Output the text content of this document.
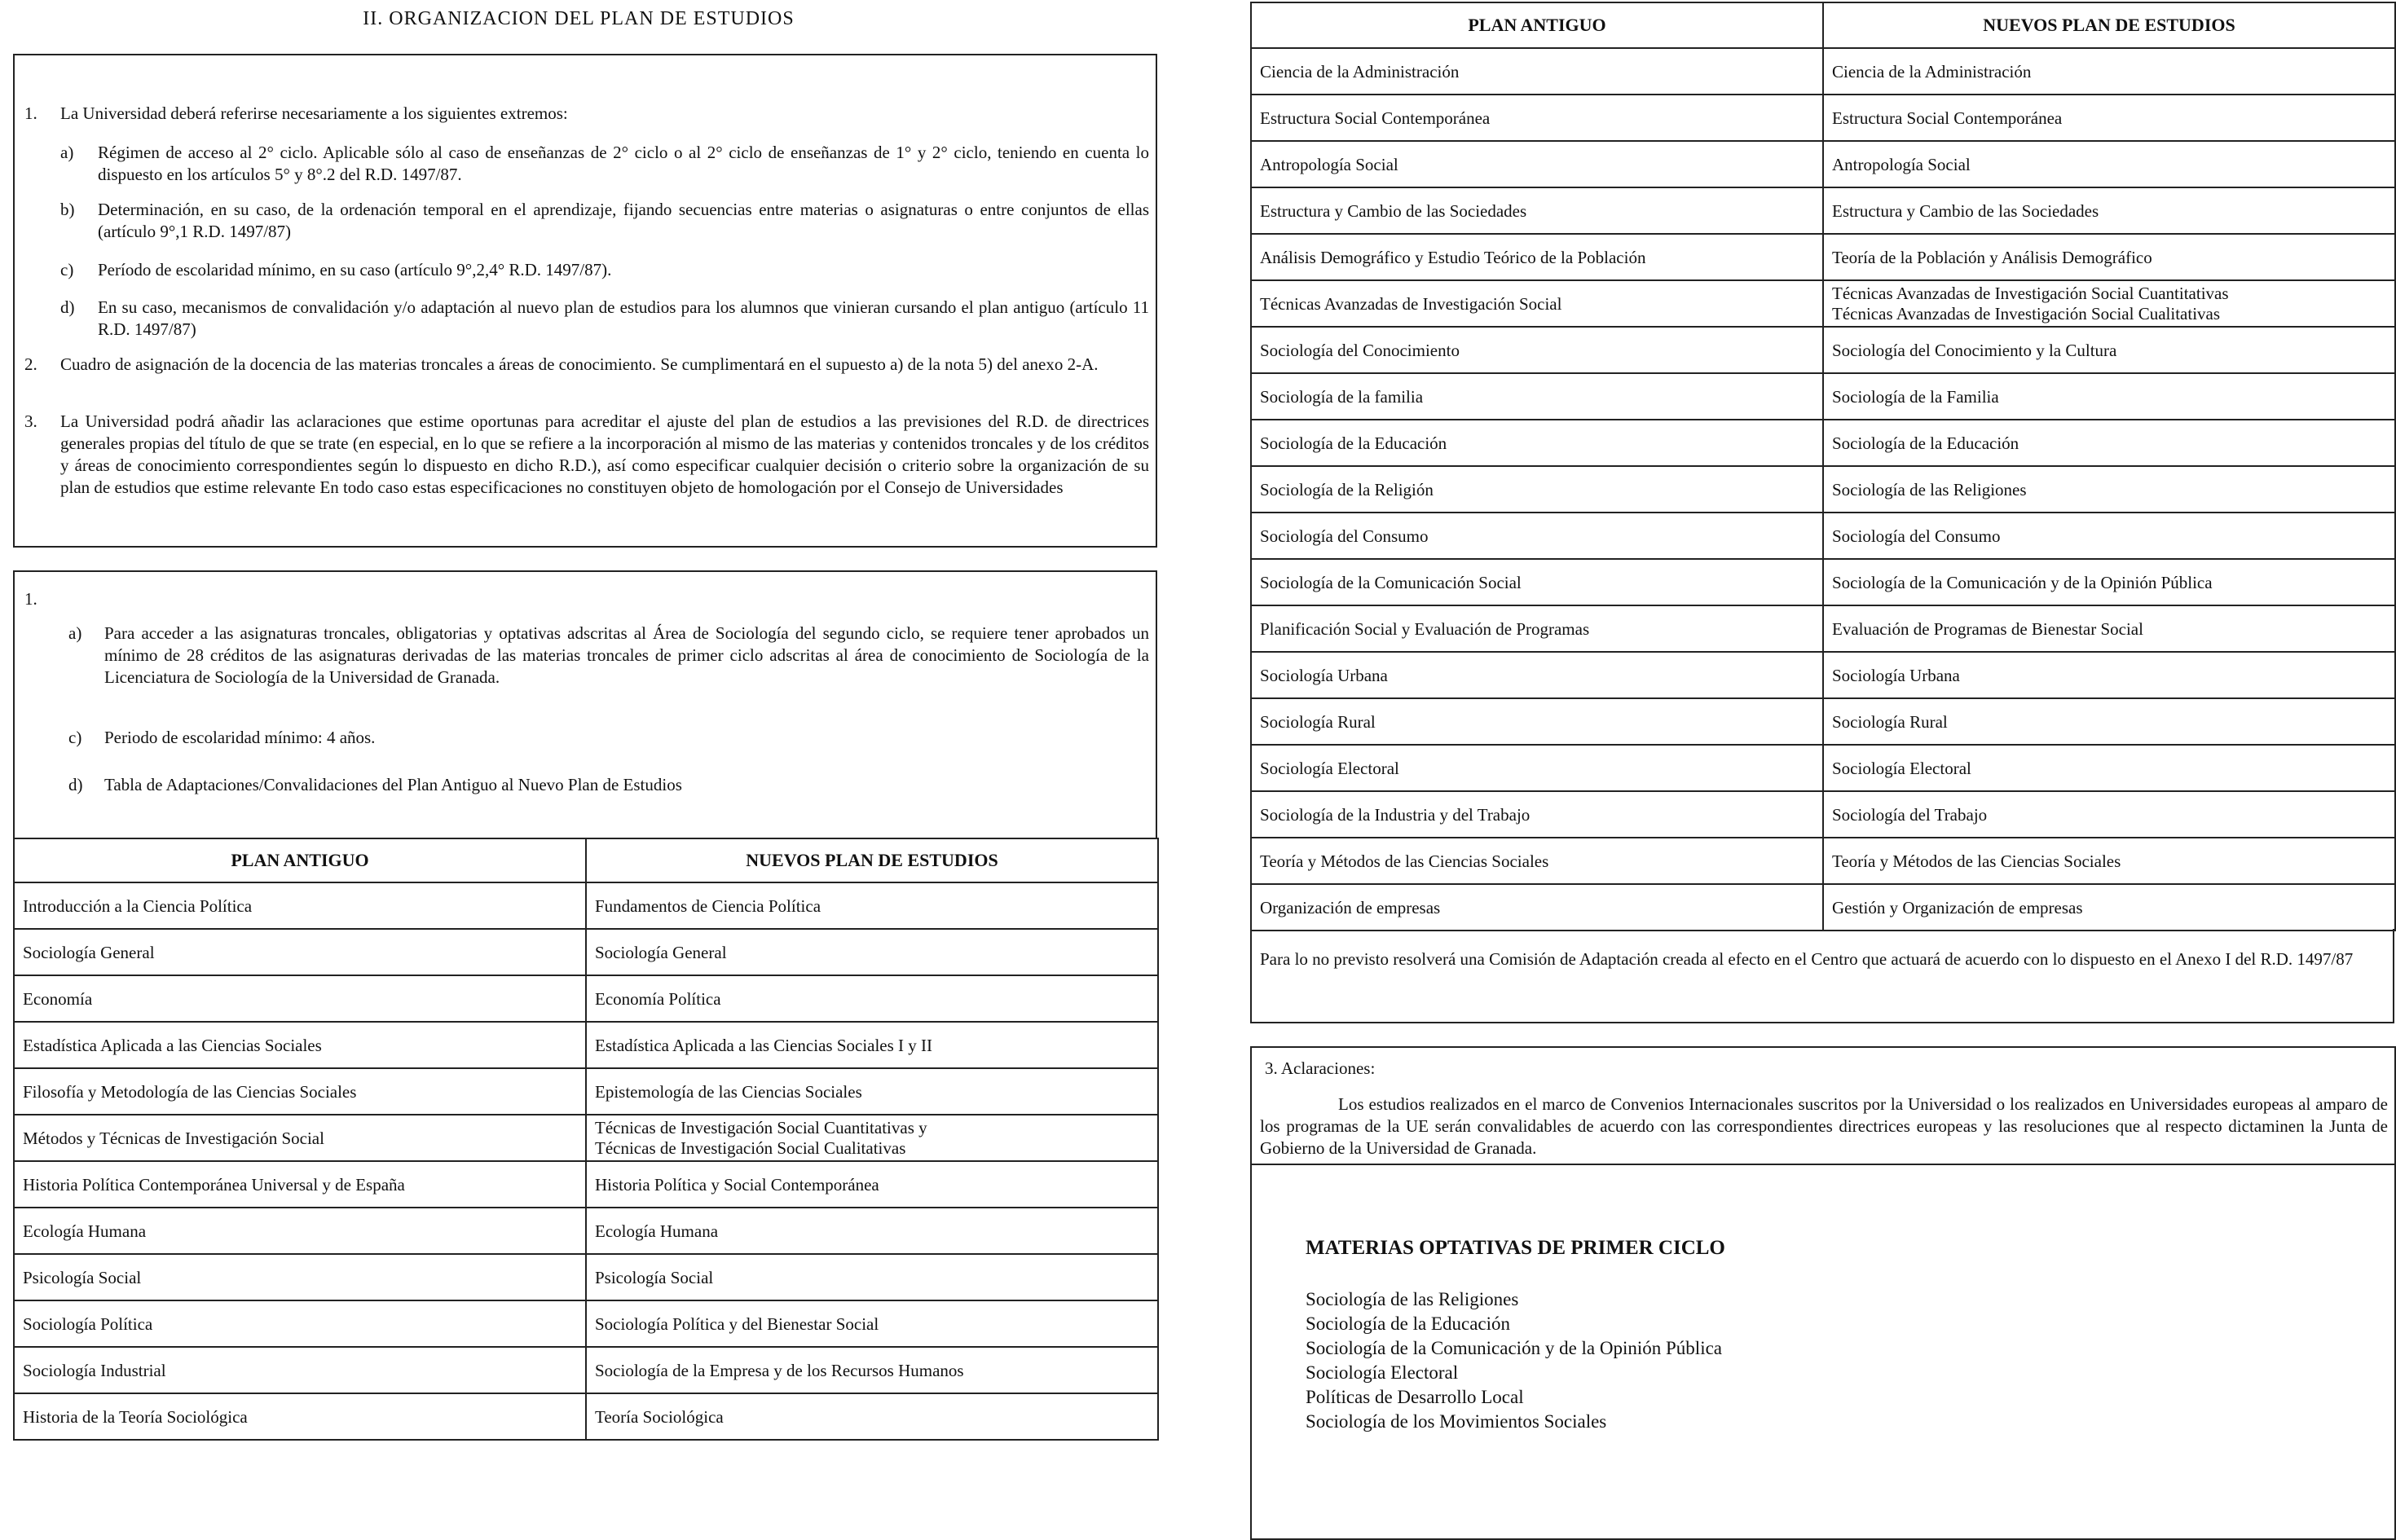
II. ORGANIZACION DEL PLAN DE ESTUDIOS
1. La Universidad deberá referirse necesariamente a los siguientes extremos:
a) Régimen de acceso al 2° ciclo. Aplicable sólo al caso de enseñanzas de 2° ciclo o al 2° ciclo de enseñanzas de 1° y 2° ciclo, teniendo en cuenta lo dispuesto en los artículos 5° y 8°.2 del R.D. 1497/87.
b) Determinación, en su caso, de la ordenación temporal en el aprendizaje, fijando secuencias entre materias o asignaturas o entre conjuntos de ellas (artículo 9°,1 R.D. 1497/87)
c) Período de escolaridad mínimo, en su caso (artículo 9°,2,4° R.D. 1497/87).
d) En su caso, mecanismos de convalidación y/o adaptación al nuevo plan de estudios para los alumnos que vinieran cursando el plan antiguo (artículo 11 R.D. 1497/87)
2. Cuadro de asignación de la docencia de las materias troncales a áreas de conocimiento. Se cumplimentará en el supuesto a) de la nota 5) del anexo 2-A.
3. La Universidad podrá añadir las aclaraciones que estime oportunas para acreditar el ajuste del plan de estudios a las previsiones del R.D. de directrices generales propias del título de que se trate (en especial, en lo que se refiere a la incorporación al mismo de las materias y contenidos troncales y de los créditos y áreas de conocimiento correspondientes según lo dispuesto en dicho R.D.), así como especificar cualquier decisión o criterio sobre la organización de su plan de estudios que estime relevante En todo caso estas especificaciones no constituyen objeto de homologación por el Consejo de Universidades
1.
a) Para acceder a las asignaturas troncales, obligatorias y optativas adscritas al Área de Sociología del segundo ciclo, se requiere tener aprobados un mínimo de 28 créditos de las asignaturas derivadas de las materias troncales de primer ciclo adscritas al área de conocimiento de Sociología de la Licenciatura de Sociología de la Universidad de Granada.
c) Periodo de escolaridad mínimo: 4 años.
d) Tabla de Adaptaciones/Convalidaciones del Plan Antiguo al Nuevo Plan de Estudios
PLAN ANTIGUO	NUEVOS PLAN DE ESTUDIOS
Introducción a la Ciencia Política	Fundamentos de Ciencia Política
Sociología General	Sociología General
Economía	Economía Política
Estadística Aplicada a las Ciencias Sociales	Estadística Aplicada a las Ciencias Sociales I y II
Filosofía y Metodología de las Ciencias Sociales	Epistemología de las Ciencias Sociales
Métodos y Técnicas de Investigación Social	Técnicas de Investigación Social Cuantitativas y
Técnicas de Investigación Social Cualitativas

Historia Política Contemporánea Universal y de España	Historia Política y Social Contemporánea
Ecología Humana	Ecología Humana
Psicología Social	Psicología Social
Sociología Política	Sociología Política y del Bienestar Social
Sociología Industrial	Sociología de la Empresa y de los Recursos Humanos
Historia de la Teoría Sociológica	Teoría Sociológica
PLAN ANTIGUO	NUEVOS PLAN DE ESTUDIOS
Ciencia de la Administración	Ciencia de la Administración
Estructura Social Contemporánea	Estructura Social Contemporánea
Antropología Social	Antropología Social
Estructura y Cambio de las Sociedades	Estructura y Cambio de las Sociedades
Análisis Demográfico y Estudio Teórico de la Población	Teoría de la Población y Análisis Demográfico
Técnicas Avanzadas de Investigación Social	Técnicas Avanzadas de Investigación Social Cuantitativas
Técnicas Avanzadas de Investigación Social Cualitativas

Sociología del Conocimiento	Sociología del Conocimiento y la Cultura
Sociología de la familia	Sociología de la Familia
Sociología de la Educación	Sociología de la Educación
Sociología de la Religión	Sociología de las Religiones
Sociología del Consumo	Sociología del Consumo
Sociología de la Comunicación Social	Sociología de la Comunicación y de la Opinión Pública
Planificación Social y Evaluación de Programas	Evaluación de Programas de Bienestar Social
Sociología Urbana	Sociología Urbana
Sociología Rural	Sociología Rural
Sociología Electoral	Sociología Electoral
Sociología de la Industria y del Trabajo	Sociología del Trabajo
Teoría y Métodos de las Ciencias Sociales	Teoría y Métodos de las Ciencias Sociales
Organización de empresas	Gestión y Organización de empresas
Para lo no previsto resolverá una Comisión de Adaptación creada al efecto en el Centro que actuará de acuerdo con lo dispuesto en el Anexo I del R.D. 1497/87
3. Aclaraciones:
Los estudios realizados en el marco de Convenios Internacionales suscritos por la Universidad o los realizados en Universidades europeas al amparo de los programas de la UE serán convalidables de acuerdo con las correspondientes directrices europeas y las resoluciones que al respecto dictaminen la Junta de Gobierno de la Universidad de Granada.
MATERIAS OPTATIVAS DE PRIMER CICLO
Sociología de las Religiones
Sociología de la Educación
Sociología de la Comunicación y de la Opinión Pública
Sociología Electoral
Políticas de Desarrollo Local
Sociología de los Movimientos Sociales
